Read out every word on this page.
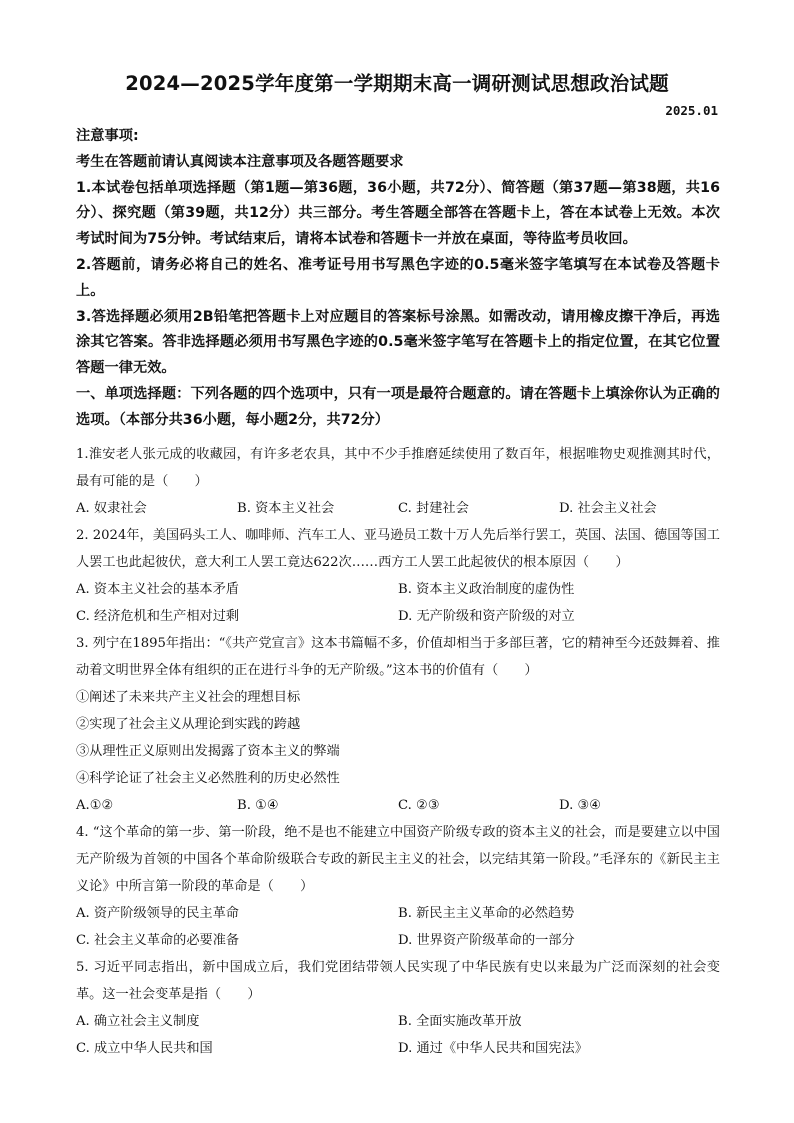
2024—2025学年度第一学期期末高一调研测试思想政治试题
2025.01

注意事项:

考生在答题前请认真阅读本注意事项及各题答题要求

1.本试卷包括单项选择题（第1题—第36题，36小题，共72分）、简答题（第37题—第38题，共16分）、探究题（第39题，共12分）共三部分。考生答题全部答在答题卡上，答在本试卷上无效。本次考试时间为75分钟。考试结束后，请将本试卷和答题卡一并放在桌面，等待监考员收回。

2.答题前，请务必将自己的姓名、准考证号用书写黑色字迹的0.5毫米签字笔填写在本试卷及答题卡上。

3.答选择题必须用2B铅笔把答题卡上对应题目的答案标号涂黑。如需改动，请用橡皮擦干净后，再选涂其它答案。答非选择题必须用书写黑色字迹的0.5毫米签字笔写在答题卡上的指定位置，在其它位置答题一律无效。

一、单项选择题：下列各题的四个选项中，只有一项是最符合题意的。请在答题卡上填涂你认为正确的选项。（本部分共36小题，每小题2分，共72分）

1.淮安老人张元成的收藏园，有许多老农具，其中不少手推磨延续使用了数百年，根据唯物史观推测其时代，最有可能的是（　　）

A. 奴隶社会	B. 资本主义社会	C. 封建社会	D. 社会主义社会

2. 2024年，美国码头工人、咖啡师、汽车工人、亚马逊员工数十万人先后举行罢工，英国、法国、德国等国工人罢工也此起彼伏，意大利工人罢工竟达622次……西方工人罢工此起彼伏的根本原因（　　）

A. 资本主义社会的基本矛盾	B. 资本主义政治制度的虚伪性
C. 经济危机和生产相对过剩	D. 无产阶级和资产阶级的对立

3. 列宁在1895年指出：“《共产党宣言》这本书篇幅不多，价值却相当于多部巨著，它的精神至今还鼓舞着、推动着文明世界全体有组织的正在进行斗争的无产阶级。”这本书的价值有（　　）

①阐述了未来共产主义社会的理想目标

②实现了社会主义从理论到实践的跨越

③从理性正义原则出发揭露了资本主义的弊端

④科学论证了社会主义必然胜利的历史必然性

A.①②	B. ①④	C. ②③	D. ③④

4. “这个革命的第一步、第一阶段，绝不是也不能建立中国资产阶级专政的资本主义的社会，而是要建立以中国无产阶级为首领的中国各个革命阶级联合专政的新民主主义的社会，以完结其第一阶段。”毛泽东的《新民主主义论》中所言第一阶段的革命是（　　）

A. 资产阶级领导的民主革命	B. 新民主主义革命的必然趋势
C. 社会主义革命的必要准备	D. 世界资产阶级革命的一部分

5. 习近平同志指出，新中国成立后，我们党团结带领人民实现了中华民族有史以来最为广泛而深刻的社会变革。这一社会变革是指（　　）

A. 确立社会主义制度	B. 全面实施改革开放
C. 成立中华人民共和国	D. 通过《中华人民共和国宪法》
